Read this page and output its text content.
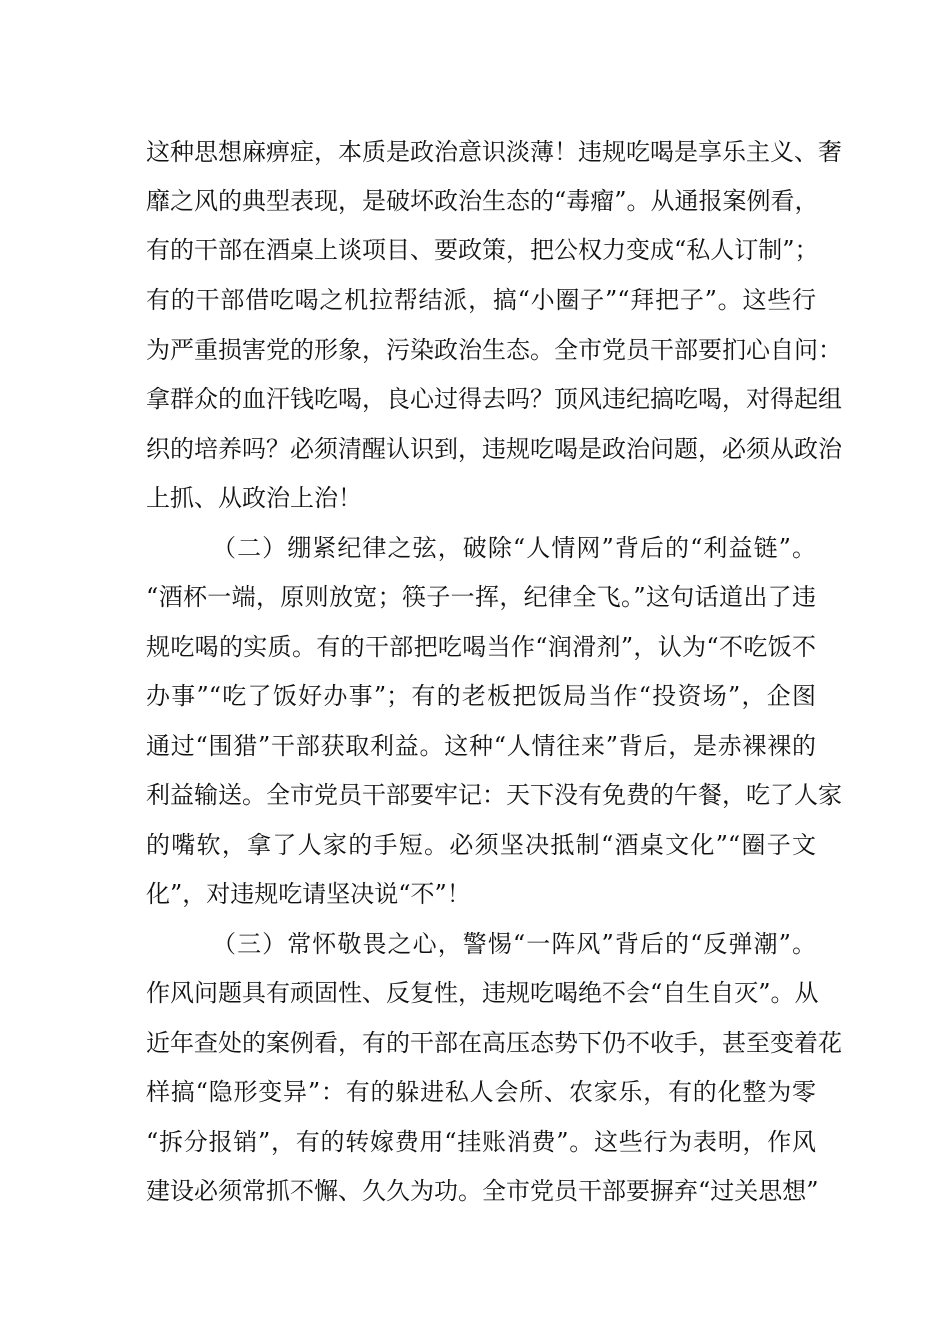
这种思想麻痹症，本质是政治意识淡薄！违规吃喝是享乐主义、奢
靡之风的典型表现，是破坏政治生态的“毒瘤”。从通报案例看，
有的干部在酒桌上谈项目、要政策，把公权力变成“私人订制”；
有的干部借吃喝之机拉帮结派，搞“小圈子”“拜把子”。这些行
为严重损害党的形象，污染政治生态。全市党员干部要扪心自问：
拿群众的血汗钱吃喝，良心过得去吗？顶风违纪搞吃喝，对得起组
织的培养吗？必须清醒认识到，违规吃喝是政治问题，必须从政治
上抓、从政治上治！
（二）绷紧纪律之弦，破除“人情网”背后的“利益链”。
“酒杯一端，原则放宽；筷子一挥，纪律全飞。”这句话道出了违
规吃喝的实质。有的干部把吃喝当作“润滑剂”，认为“不吃饭不
办事”“吃了饭好办事”；有的老板把饭局当作“投资场”，企图
通过“围猎”干部获取利益。这种“人情往来”背后，是赤裸裸的
利益输送。全市党员干部要牢记：天下没有免费的午餐，吃了人家
的嘴软，拿了人家的手短。必须坚决抵制“酒桌文化”“圈子文
化”，对违规吃请坚决说“不”！
（三）常怀敬畏之心，警惕“一阵风”背后的“反弹潮”。
作风问题具有顽固性、反复性，违规吃喝绝不会“自生自灭”。从
近年查处的案例看，有的干部在高压态势下仍不收手，甚至变着花
样搞“隐形变异”：有的躲进私人会所、农家乐，有的化整为零
“拆分报销”，有的转嫁费用“挂账消费”。这些行为表明，作风
建设必须常抓不懈、久久为功。全市党员干部要摒弃“过关思想”
